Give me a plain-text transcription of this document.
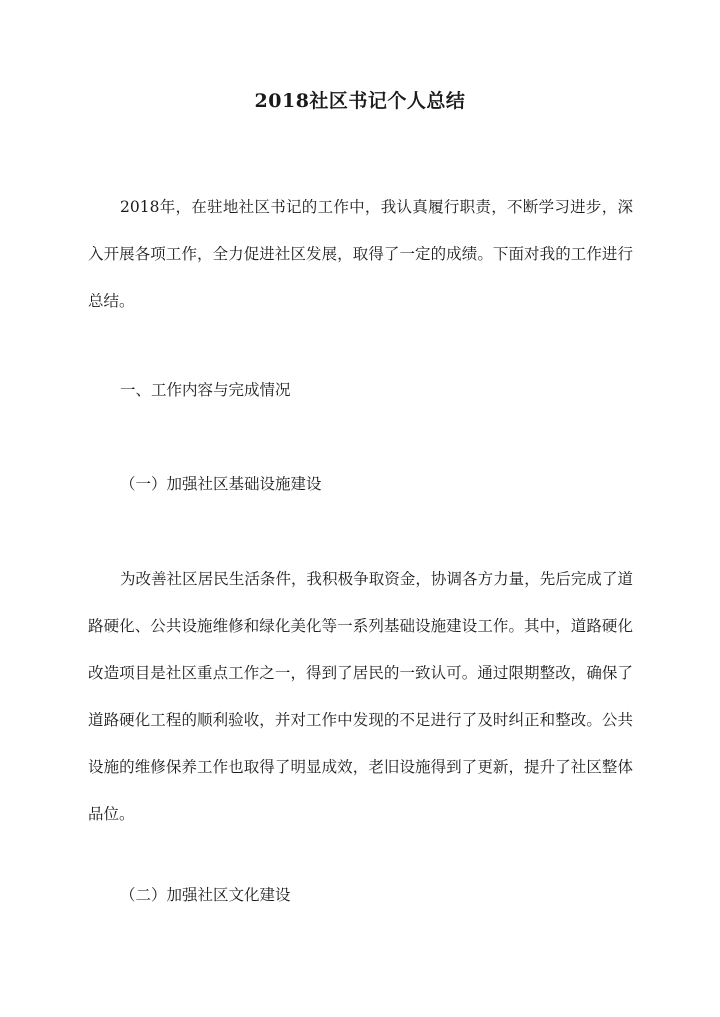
2018社区书记个人总结

2018年，在驻地社区书记的工作中，我认真履行职责，不断学习进步，深入开展各项工作，全力促进社区发展，取得了一定的成绩。下面对我的工作进行总结。

一、工作内容与完成情况

（一）加强社区基础设施建设

为改善社区居民生活条件，我积极争取资金，协调各方力量，先后完成了道路硬化、公共设施维修和绿化美化等一系列基础设施建设工作。其中，道路硬化改造项目是社区重点工作之一，得到了居民的一致认可。通过限期整改，确保了道路硬化工程的顺利验收，并对工作中发现的不足进行了及时纠正和整改。公共设施的维修保养工作也取得了明显成效，老旧设施得到了更新，提升了社区整体品位。

（二）加强社区文化建设
